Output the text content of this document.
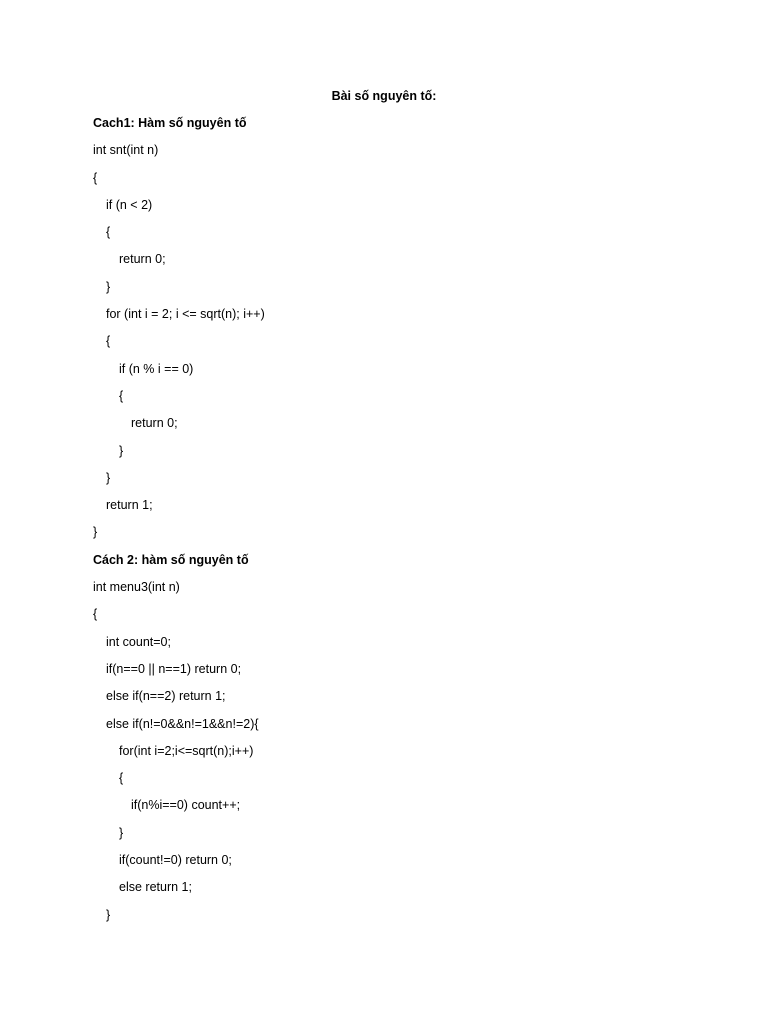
Bài số nguyên tố:
Cach1: Hàm số nguyên tố
int snt(int n)
{
if (n < 2)
{
return 0;
}
for (int i = 2; i <= sqrt(n); i++)
{
if (n % i == 0)
{
return 0;
}
}
return 1;
}
Cách 2: hàm số nguyên tố
int menu3(int n)
{
int count=0;
if(n==0 || n==1) return 0;
else if(n==2) return 1;
else if(n!=0&&n!=1&&n!=2){
for(int i=2;i<=sqrt(n);i++)
{
if(n%i==0) count++;
}
if(count!=0) return 0;
else return 1;
}
